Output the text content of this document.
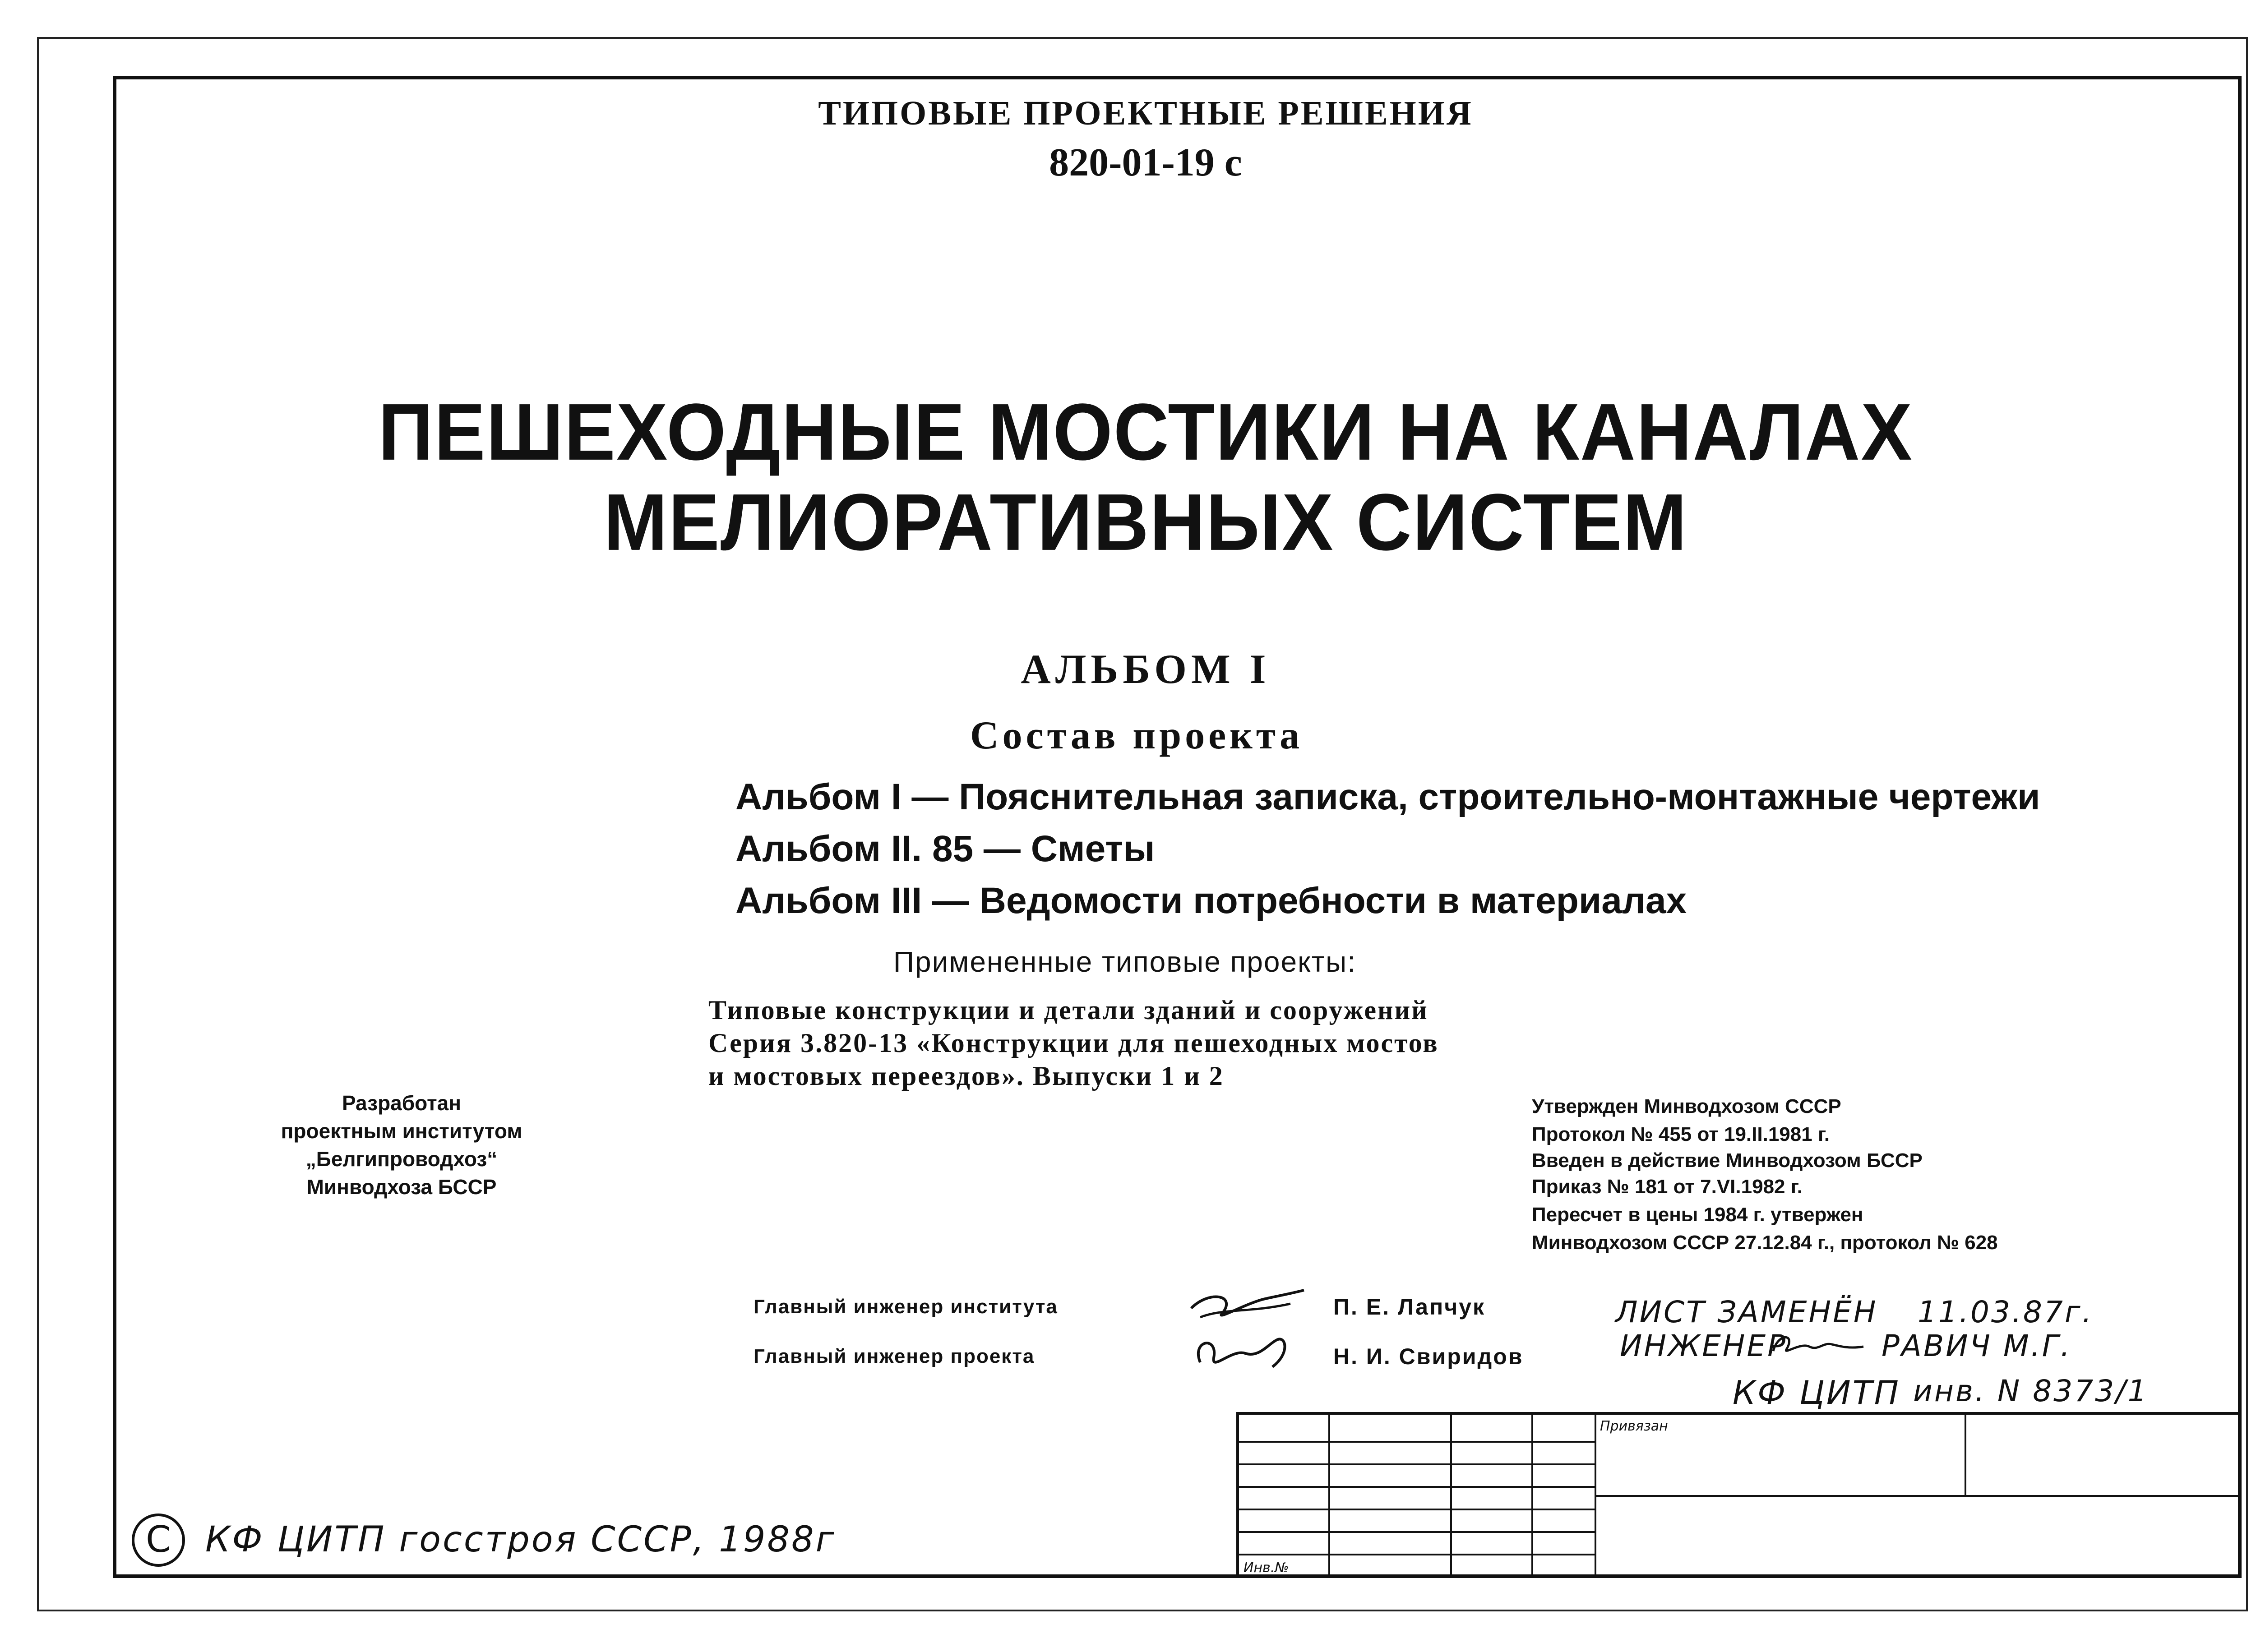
ТИПОВЫЕ ПРОЕКТНЫЕ РЕШЕНИЯ
820-01-19 с
ПЕШЕХОДНЫЕ МОСТИКИ НА КАНАЛАХ
МЕЛИОРАТИВНЫХ СИСТЕМ
АЛЬБОМ I
Состав проекта
Альбом I — Пояснительная записка, строительно-монтажные чертежи
Альбом II. 85 — Сметы
Альбом III — Ведомости потребности в материалах
Примененные типовые проекты:
Типовые конструкции и детали зданий и сооружений
Серия 3.820-13 «Конструкции для пешеходных мостов
и мостовых переездов». Выпуски 1 и 2
Разработан
проектным институтом
„Белгипроводхоз“
Минводхоза БССР
Утвержден Минводхозом СССР
Протокол № 455 от 19.II.1981 г.
Введен в действие Минводхозом БССР
Приказ № 181 от 7.VI.1982 г.
Пересчет в цены 1984 г. утвержен
Минводхозом СССР 27.12.84 г., протокол № 628
Главный инженер института
Главный инженер проекта
П. Е. Лапчук
Н. И. Свиридов
ЛИСТ ЗАМЕНЁН 11.03.87г.
ИНЖЕНЕР	РАВИЧ М.Г.
КФ ЦИТП инв. N 8373/1
Привязан
Инв.№
C КФ ЦИТП госстроя СССР, 1988г
